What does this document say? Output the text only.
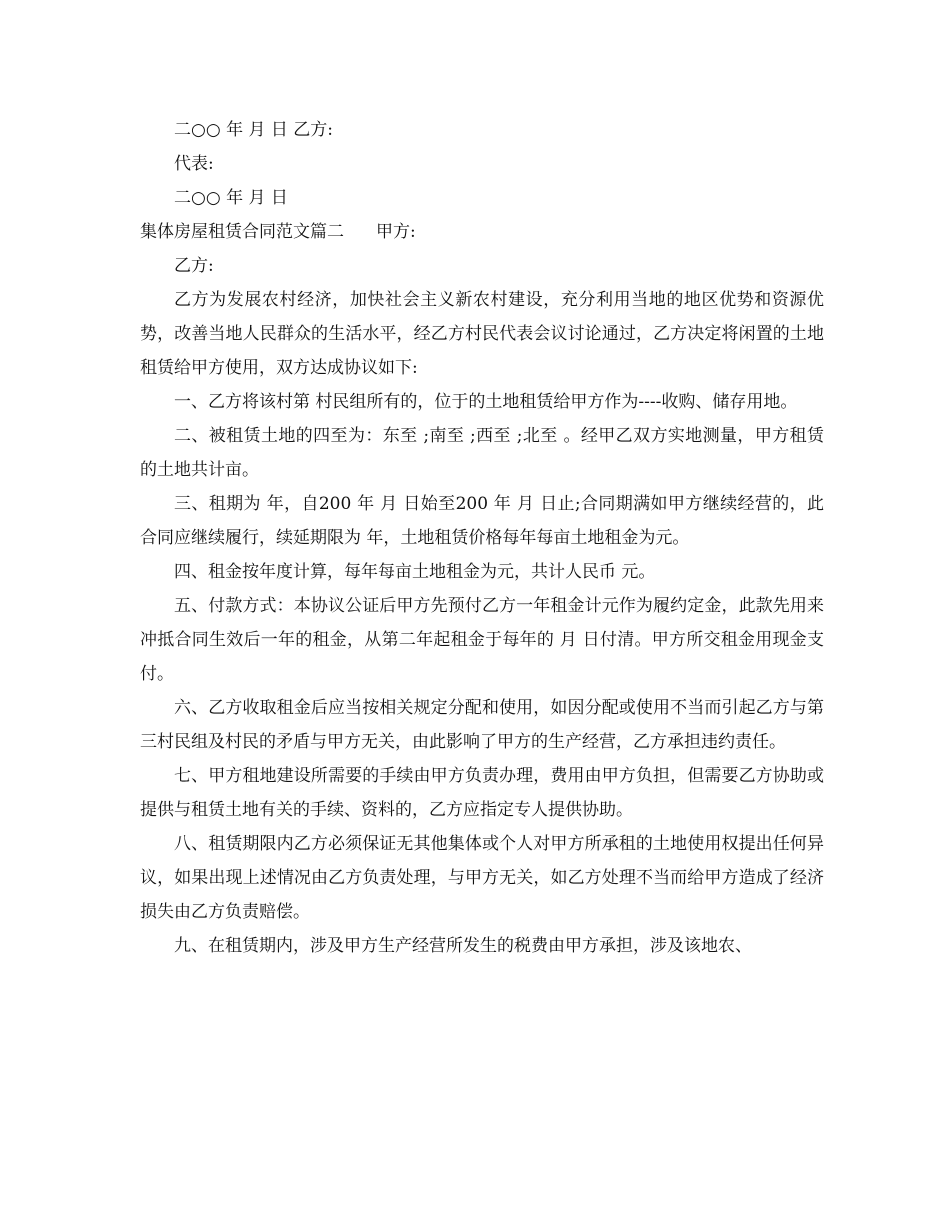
二○○ 年 月 日 乙方:
代表:
二○○ 年 月 日
集体房屋租赁合同范文篇二 甲方:
乙方:

乙方为发展农村经济，加快社会主义新农村建设，充分利用当地的地区优势和资源优势，改善当地人民群众的生活水平，经乙方村民代表会议讨论通过，乙方决定将闲置的土地租赁给甲方使用，双方达成协议如下:

一、乙方将该村第 村民组所有的，位于的土地租赁给甲方作为----收购、储存用地。

二、被租赁土地的四至为：东至 ;南至 ;西至 ;北至 。经甲乙双方实地测量，甲方租赁的土地共计亩。

三、租期为 年，自200 年 月 日始至200 年 月 日止;合同期满如甲方继续经营的，此合同应继续履行，续延期限为 年，土地租赁价格每年每亩土地租金为元。

四、租金按年度计算，每年每亩土地租金为元，共计人民币 元。

五、付款方式：本协议公证后甲方先预付乙方一年租金计元作为履约定金，此款先用来冲抵合同生效后一年的租金，从第二年起租金于每年的 月 日付清。甲方所交租金用现金支付。

六、乙方收取租金后应当按相关规定分配和使用，如因分配或使用不当而引起乙方与第三村民组及村民的矛盾与甲方无关，由此影响了甲方的生产经营，乙方承担违约责任。

七、甲方租地建设所需要的手续由甲方负责办理，费用由甲方负担，但需要乙方协助或提供与租赁土地有关的手续、资料的，乙方应指定专人提供协助。

八、租赁期限内乙方必须保证无其他集体或个人对甲方所承租的土地使用权提出任何异议，如果出现上述情况由乙方负责处理，与甲方无关，如乙方处理不当而给甲方造成了经济损失由乙方负责赔偿。

九、在租赁期内，涉及甲方生产经营所发生的税费由甲方承担，涉及该地农、
